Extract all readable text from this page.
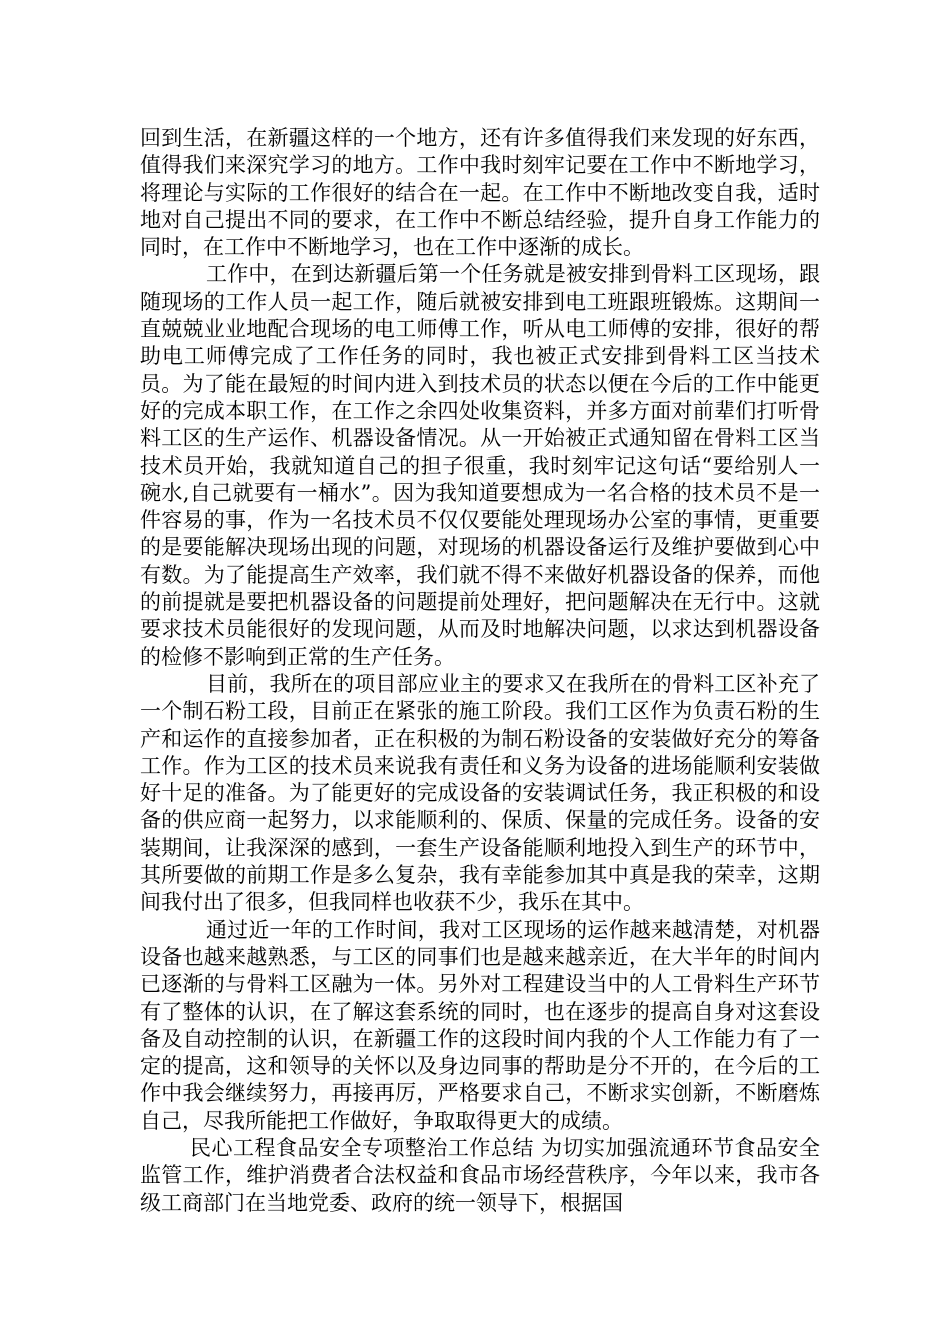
回到生活，在新疆这样的一个地方，还有许多值得我们来发现的好东西，值得我们来深究学习的地方。工作中我时刻牢记要在工作中不断地学习，将理论与实际的工作很好的结合在一起。在工作中不断地改变自我，适时地对自己提出不同的要求，在工作中不断总结经验，提升自身工作能力的同时，在工作中不断地学习，也在工作中逐渐的成长。

工作中，在到达新疆后第一个任务就是被安排到骨料工区现场，跟随现场的工作人员一起工作，随后就被安排到电工班跟班锻炼。这期间一直兢兢业业地配合现场的电工师傅工作，听从电工师傅的安排，很好的帮助电工师傅完成了工作任务的同时，我也被正式安排到骨料工区当技术员。为了能在最短的时间内进入到技术员的状态以便在今后的工作中能更好的完成本职工作，在工作之余四处收集资料，并多方面对前辈们打听骨料工区的生产运作、机器设备情况。从一开始被正式通知留在骨料工区当技术员开始，我就知道自己的担子很重，我时刻牢记这句话“要给别人一碗水,自己就要有一桶水”。因为我知道要想成为一名合格的技术员不是一件容易的事，作为一名技术员不仅仅要能处理现场办公室的事情，更重要的是要能解决现场出现的问题，对现场的机器设备运行及维护要做到心中有数。为了能提高生产效率，我们就不得不来做好机器设备的保养，而他的前提就是要把机器设备的问题提前处理好，把问题解决在无行中。这就要求技术员能很好的发现问题，从而及时地解决问题，以求达到机器设备的检修不影响到正常的生产任务。

目前，我所在的项目部应业主的要求又在我所在的骨料工区补充了一个制石粉工段，目前正在紧张的施工阶段。我们工区作为负责石粉的生产和运作的直接参加者，正在积极的为制石粉设备的安装做好充分的筹备工作。作为工区的技术员来说我有责任和义务为设备的进场能顺利安装做好十足的准备。为了能更好的完成设备的安装调试任务，我正积极的和设备的供应商一起努力，以求能顺利的、保质、保量的完成任务。设备的安装期间，让我深深的感到，一套生产设备能顺利地投入到生产的环节中，其所要做的前期工作是多么复杂，我有幸能参加其中真是我的荣幸，这期间我付出了很多，但我同样也收获不少，我乐在其中。

通过近一年的工作时间，我对工区现场的运作越来越清楚，对机器设备也越来越熟悉，与工区的同事们也是越来越亲近，在大半年的时间内已逐渐的与骨料工区融为一体。另外对工程建设当中的人工骨料生产环节有了整体的认识，在了解这套系统的同时，也在逐步的提高自身对这套设备及自动控制的认识，在新疆工作的这段时间内我的个人工作能力有了一定的提高，这和领导的关怀以及身边同事的帮助是分不开的，在今后的工作中我会继续努力，再接再厉，严格要求自己，不断求实创新，不断磨炼自己，尽我所能把工作做好，争取取得更大的成绩。

民心工程食品安全专项整治工作总结 为切实加强流通环节食品安全监管工作，维护消费者合法权益和食品市场经营秩序，今年以来，我市各级工商部门在当地党委、政府的统一领导下，根据国
